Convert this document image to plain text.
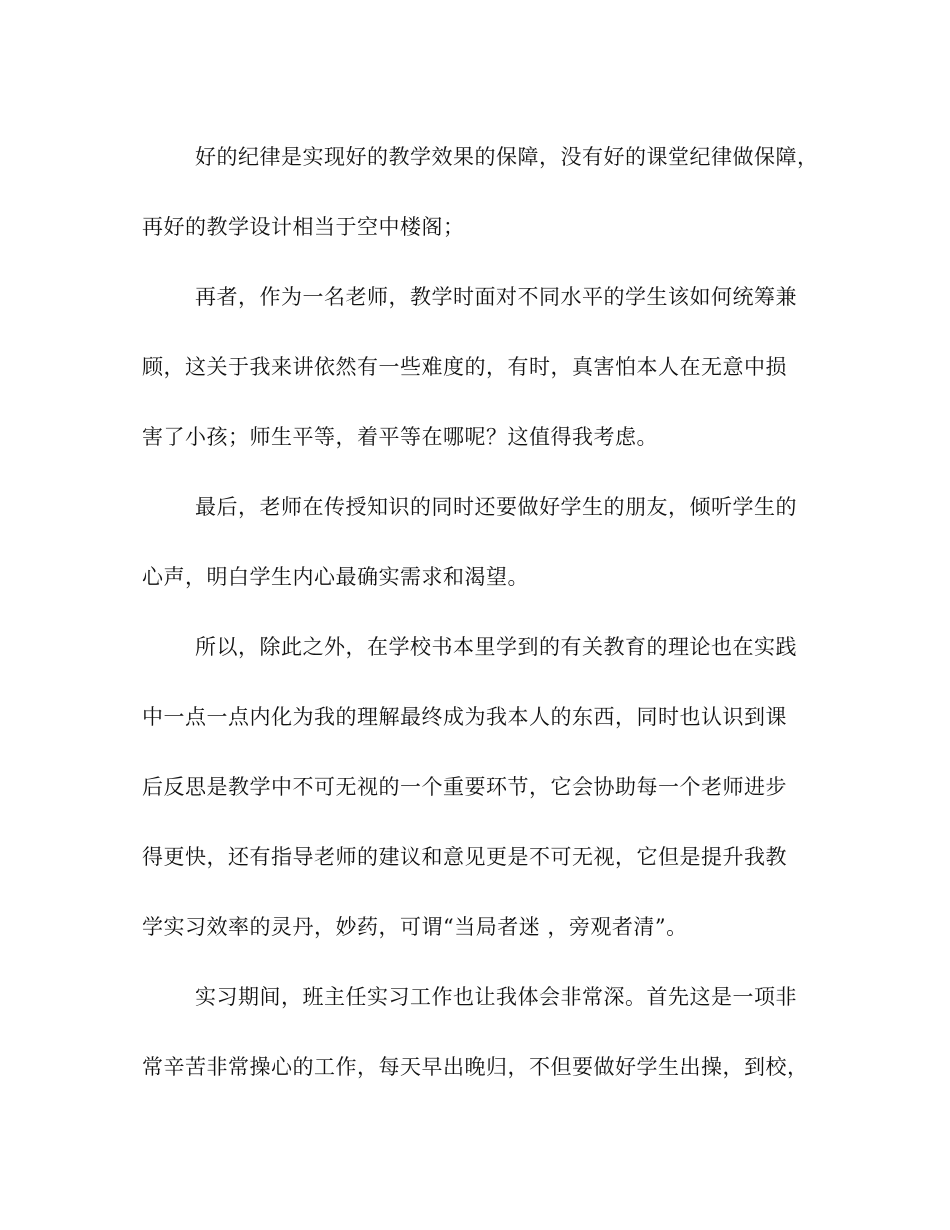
好的纪律是实现好的教学效果的保障，没有好的课堂纪律做保障，
再好的教学设计相当于空中楼阁；
再者，作为一名老师，教学时面对不同水平的学生该如何统筹兼
顾，这关于我来讲依然有一些难度的，有时，真害怕本人在无意中损
害了小孩；师生平等，着平等在哪呢？这值得我考虑。
最后，老师在传授知识的同时还要做好学生的朋友，倾听学生的
心声，明白学生内心最确实需求和渴望。
所以，除此之外，在学校书本里学到的有关教育的理论也在实践
中一点一点内化为我的理解最终成为我本人的东西，同时也认识到课
后反思是教学中不可无视的一个重要环节，它会协助每一个老师进步
得更快，还有指导老师的建议和意见更是不可无视，它但是提升我教
学实习效率的灵丹，妙药，可谓“当局者迷 ，旁观者清”。
实习期间，班主任实习工作也让我体会非常深。首先这是一项非
常辛苦非常操心的工作，每天早出晚归，不但要做好学生出操，到校，
